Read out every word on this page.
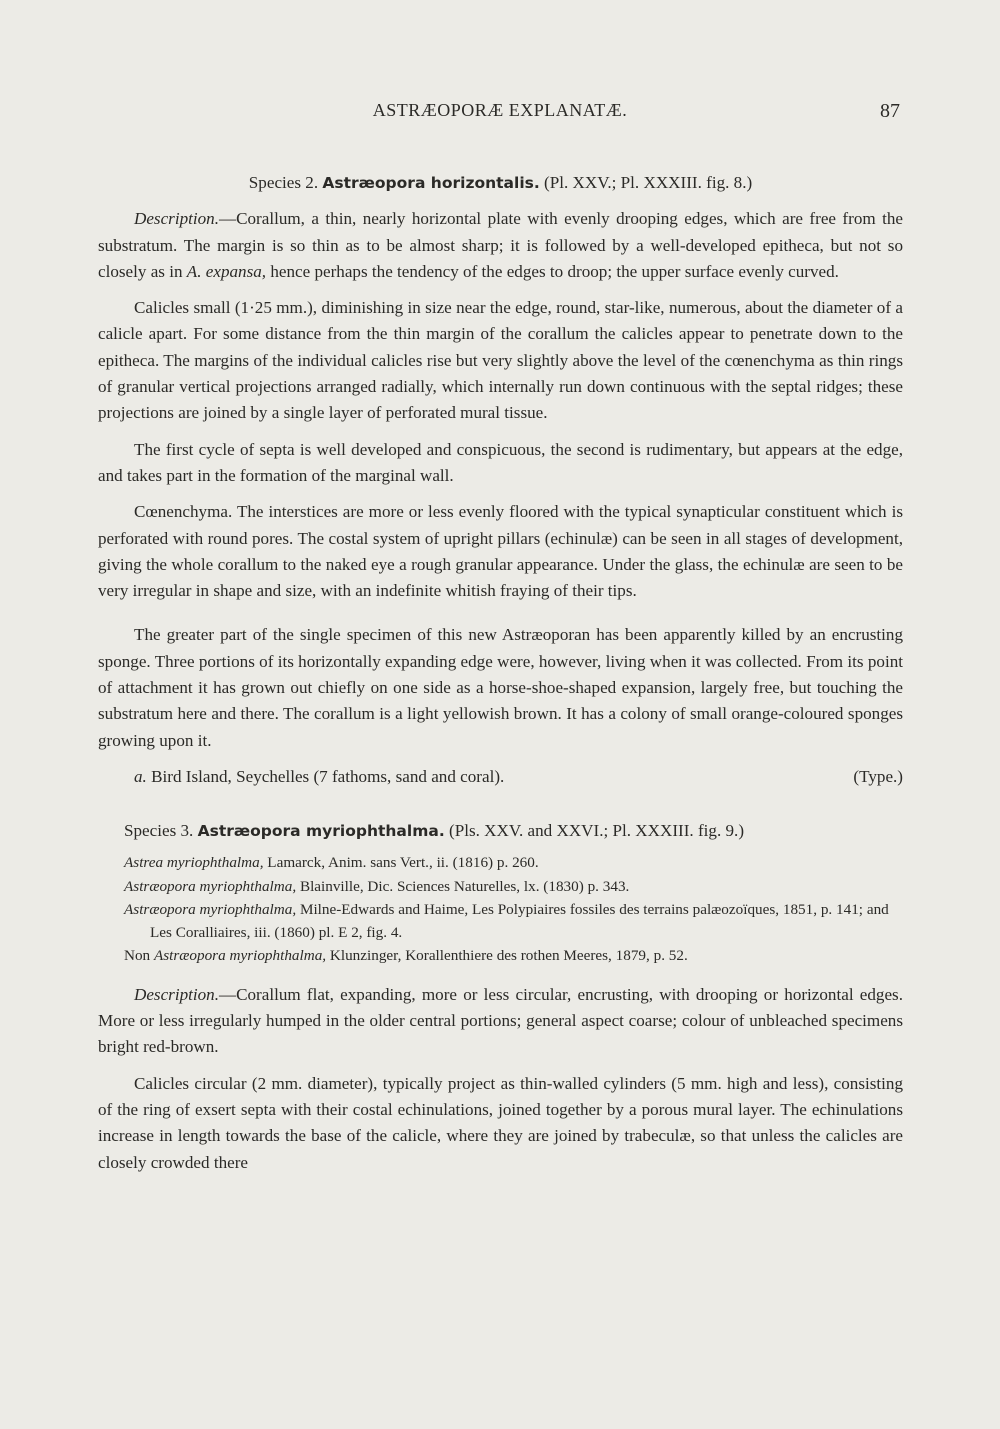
ASTRÆOPORÆ EXPLANATÆ.	87
Species 2. Astræopora horizontalis. (Pl. XXV.; Pl. XXXIII. fig. 8.)

Description.—Corallum, a thin, nearly horizontal plate with evenly drooping edges, which are free from the substratum. The margin is so thin as to be almost sharp; it is followed by a well-developed epitheca, but not so closely as in A. expansa, hence perhaps the tendency of the edges to droop; the upper surface evenly curved.

Calicles small (1·25 mm.), diminishing in size near the edge, round, star-like, numerous, about the diameter of a calicle apart. For some distance from the thin margin of the corallum the calicles appear to penetrate down to the epitheca. The margins of the individual calicles rise but very slightly above the level of the cœnenchyma as thin rings of granular vertical projections arranged radially, which internally run down continuous with the septal ridges; these projections are joined by a single layer of perforated mural tissue.

The first cycle of septa is well developed and conspicuous, the second is rudimentary, but appears at the edge, and takes part in the formation of the marginal wall.

Cœnenchyma. The interstices are more or less evenly floored with the typical synapticular constituent which is perforated with round pores. The costal system of upright pillars (echinulæ) can be seen in all stages of development, giving the whole corallum to the naked eye a rough granular appearance. Under the glass, the echinulæ are seen to be very irregular in shape and size, with an indefinite whitish fraying of their tips.

The greater part of the single specimen of this new Astræoporan has been apparently killed by an encrusting sponge. Three portions of its horizontally expanding edge were, however, living when it was collected. From its point of attachment it has grown out chiefly on one side as a horse-shoe-shaped expansion, largely free, but touching the substratum here and there. The corallum is a light yellowish brown. It has a colony of small orange-coloured sponges growing upon it.

a. Bird Island, Seychelles (7 fathoms, sand and coral).	(Type.)
Species 3. Astræopora myriophthalma. (Pls. XXV. and XXVI.; Pl. XXXIII. fig. 9.)
Astrea myriophthalma, Lamarck, Anim. sans Vert., ii. (1816) p. 260.
Astræopora myriophthalma, Blainville, Dic. Sciences Naturelles, lx. (1830) p. 343.
Astræopora myriophthalma, Milne-Edwards and Haime, Les Polypiaires fossiles des terrains palæozoïques, 1851, p. 141; and Les Coralliaires, iii. (1860) pl. E 2, fig. 4.
Non Astræopora myriophthalma, Klunzinger, Korallenthiere des rothen Meeres, 1879, p. 52.

Description.—Corallum flat, expanding, more or less circular, encrusting, with drooping or horizontal edges. More or less irregularly humped in the older central portions; general aspect coarse; colour of unbleached specimens bright red-brown.

Calicles circular (2 mm. diameter), typically project as thin-walled cylinders (5 mm. high and less), consisting of the ring of exsert septa with their costal echinulations, joined together by a porous mural layer. The echinulations increase in length towards the base of the calicle, where they are joined by trabeculæ, so that unless the calicles are closely crowded there
